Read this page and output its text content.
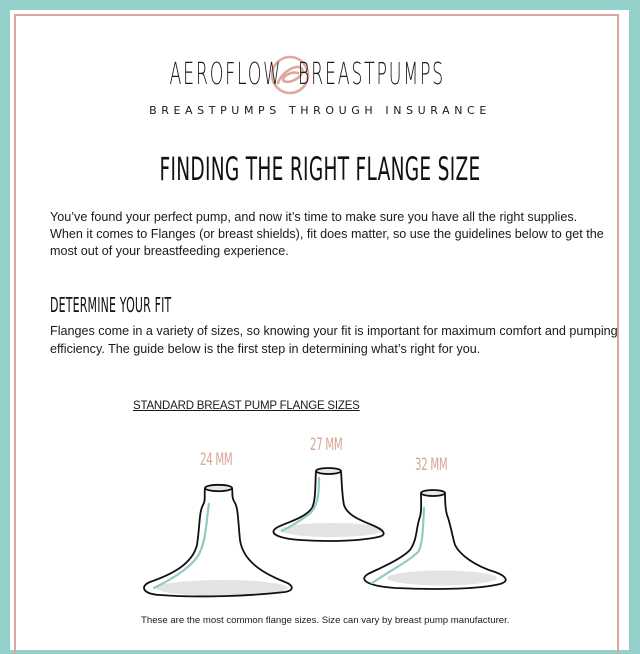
AEROFLOW BREASTPUMPS
BREASTPUMPS THROUGH INSURANCE
FINDING THE RIGHT FLANGE SIZE
You’ve found your perfect pump, and now it’s time to make sure you have all the right supplies. When it comes to Flanges (or breast shields), fit does matter, so use the guidelines below to get the most out of your breastfeeding experience.
DETERMINE YOUR FIT
Flanges come in a variety of sizes, so knowing your fit is important for maximum comfort and pumping efficiency. The guide below is the first step in determining what’s right for you.
STANDARD BREAST PUMP FLANGE SIZES
24 MM
27 MM
32 MM
These are the most common flange sizes. Size can vary by breast pump manufacturer.
